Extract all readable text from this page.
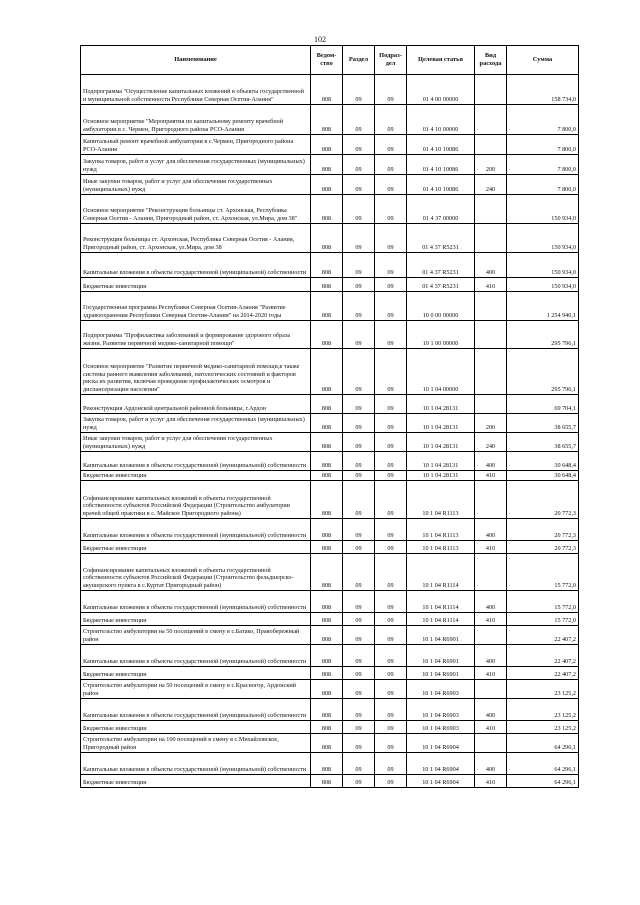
102
Наименование	Ведом-ство	Раздел	Подраз-дел	Целевая статья	Вид расхода	Сумма
Подпрограмма "Осуществление капитальных вложений в объекты государственной и муниципальной собственности Республики Северная Осетия-Алания"	808	09	09	01 4 00 00000		158 734,0
Основное мероприятие "Мероприятия по капитальному ремонту врачебной амбулатории в с. Чермен, Пригородного района РСО-Алания	808	09	09	01 4 10 00000		7 800,0
Капитальный ремонт врачебной амбулатории в с.Чермен, Пригородного района РСО-Алания	808	09	09	01 4 10 10086		7 800,0
Закупка товаров, работ и услуг для обеспечения государственных (муниципальных) нужд	808	09	09	01 4 10 10086	200	7 800,0
Иные закупки товаров, работ и услуг для обеспечения государственных (муниципальных) нужд	808	09	09	01 4 10 10086	240	7 800,0
Основное мероприятие "Реконструкция больницы ст. Архонская, Республика Северная Осетия - Алания, Пригородный район, ст. Архонская, ул.Мира, дом 38"	808	09	09	01 4 37 00000		150 934,0
Реконструкция больницы ст. Архонская, Республика Северная Осетия - Алания, Пригородный район, ст. Архонская, ул.Мира, дом 38	808	09	09	01 4 37 R5231		150 934,0
Капитальные вложения в объекты государственной (муниципальной) собственности	808	09	09	01 4 37 R5231	400	150 934,0
Бюджетные инвестиции	808	09	09	01 4 37 R5231	410	150 934,0
Государственная программа Республики Северная Осетия-Алания "Развитие здравоохранения Республики Северная Осетия-Алания" на 2014-2020 годы	808	09	09	10 0 00 00000		1 254 940,1
Подпрограмма "Профилактика заболеваний и формирование здорового образа жизни. Развитие первичной медико-санитарной помощи"	808	09	09	10 1 00 00000		295 796,1
Основное мероприятие "Развитие первичной медико-санитарной помощи,в также системы раннего выявления заболеваний, патологических состояний и факторов риска их развития, включая проведение профилактических осмотров и диспансеризации населения"	808	09	09	10 1 04 00000		295 796,1
Реконструкция Ардонской центральной районной больницы, г.Ардон	808	09	09	10 1 04 28131		69 704,1
Закупка товаров, работ и услуг для обеспечения государственных (муниципальных) нужд	808	09	09	10 1 04 28131	200	38 655,7
Иные закупки товаров, работ и услуг для обеспечения государственных (муниципальных) нужд	808	09	09	10 1 04 28131	240	38 655,7
Капитальные вложения в объекты государственной (муниципальной) собственности	808	09	09	10 1 04 28131	400	30 648,4
Бюджетные инвестиции	808	09	09	10 1 04 28131	410	30 648,4
Софинансирование капитальных вложений в объекты государственной собственности субъектов Российской Федерации (Строительство амбулатории врачей общей практики в с. Майское Пригородного района)	808	09	09	10 1 04 R1113		20 772,3
Капитальные вложения в объекты государственной (муниципальной) собственности	808	09	09	10 1 04 R1113	400	20 772,3
Бюджетные инвестиции	808	09	09	10 1 04 R1113	410	20 772,3
Софинансирование капитальных вложений в объекты государственной собственности субъектов Российской Федерации (Строительство фельдшерско-акушерского пункта в с.Куртат Пригородный район)	808	09	09	10 1 04 R1114		15 772,0
Капитальные вложения в объекты государственной (муниципальной) собственности	808	09	09	10 1 04 R1114	400	15 772,0
Бюджетные инвестиции	808	09	09	10 1 04 R1114	410	15 772,0
Строительство амбулатории на 50 посещений в смену в с.Батако, Правобережный район	808	09	09	10 1 04 R6901		22 407,2
Капитальные вложения в объекты государственной (муниципальной) собственности	808	09	09	10 1 04 R6901	400	22 407,2
Бюджетные инвестиции	808	09	09	10 1 04 R6901	410	22 407,2
Строительство амбулатории на 50 посещений в смену в с.Красногор, Ардонский район	808	09	09	10 1 04 R6903		23 125,2
Капитальные вложения в объекты государственной (муниципальной) собственности	808	09	09	10 1 04 R6903	400	23 125,2
Бюджетные инвестиции	808	09	09	10 1 04 R6903	410	23 125,2
Строительство амбулатории на 100 посещений в смену в с.Михайловское, Пригородный район	808	09	09	10 1 04 R6904		64 296,1
Капитальные вложения в объекты государственной (муниципальной) собственности	808	09	09	10 1 04 R6904	400	64 296,1
Бюджетные инвестиции	808	09	09	10 1 04 R6904	410	64 296,1
